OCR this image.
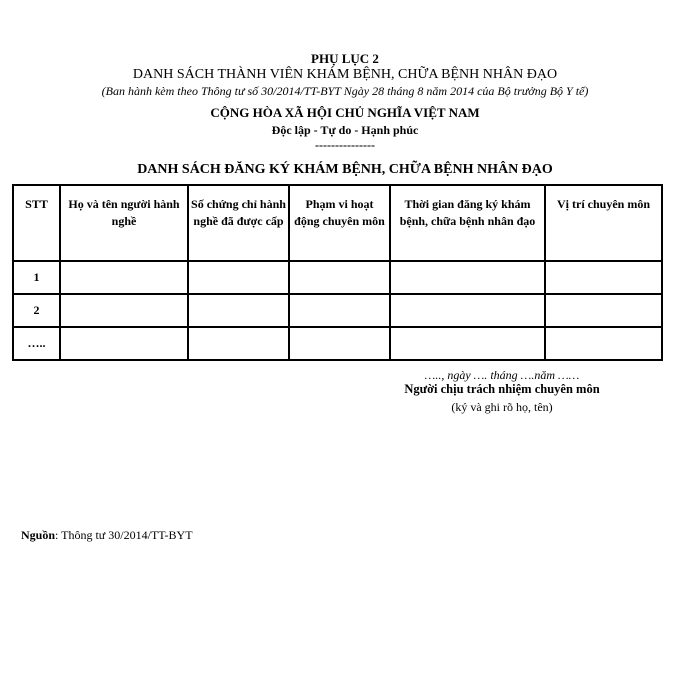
PHỤ LỤC 2
DANH SÁCH THÀNH VIÊN KHÁM BỆNH, CHỮA BỆNH NHÂN ĐẠO
(Ban hành kèm theo Thông tư số 30/2014/TT-BYT Ngày 28 tháng 8 năm 2014 của Bộ trưởng Bộ Y tế)
CỘNG HÒA XÃ HỘI CHỦ NGHĨA VIỆT NAM
Độc lập - Tự do - Hạnh phúc
---------------
DANH SÁCH ĐĂNG KÝ KHÁM BỆNH, CHỮA BỆNH NHÂN ĐẠO
STT	Họ và tên người hành nghề	Số chứng chỉ hành nghề đã được cấp	Phạm vi hoạt động chuyên môn	Thời gian đăng ký khám bệnh, chữa bệnh nhân đạo	Vị trí chuyên môn
1					
2					
…..					
….., ngày …. tháng ….năm ……
Người chịu trách nhiệm chuyên môn
(ký và ghi rõ họ, tên)
Nguồn: Thông tư 30/2014/TT-BYT
